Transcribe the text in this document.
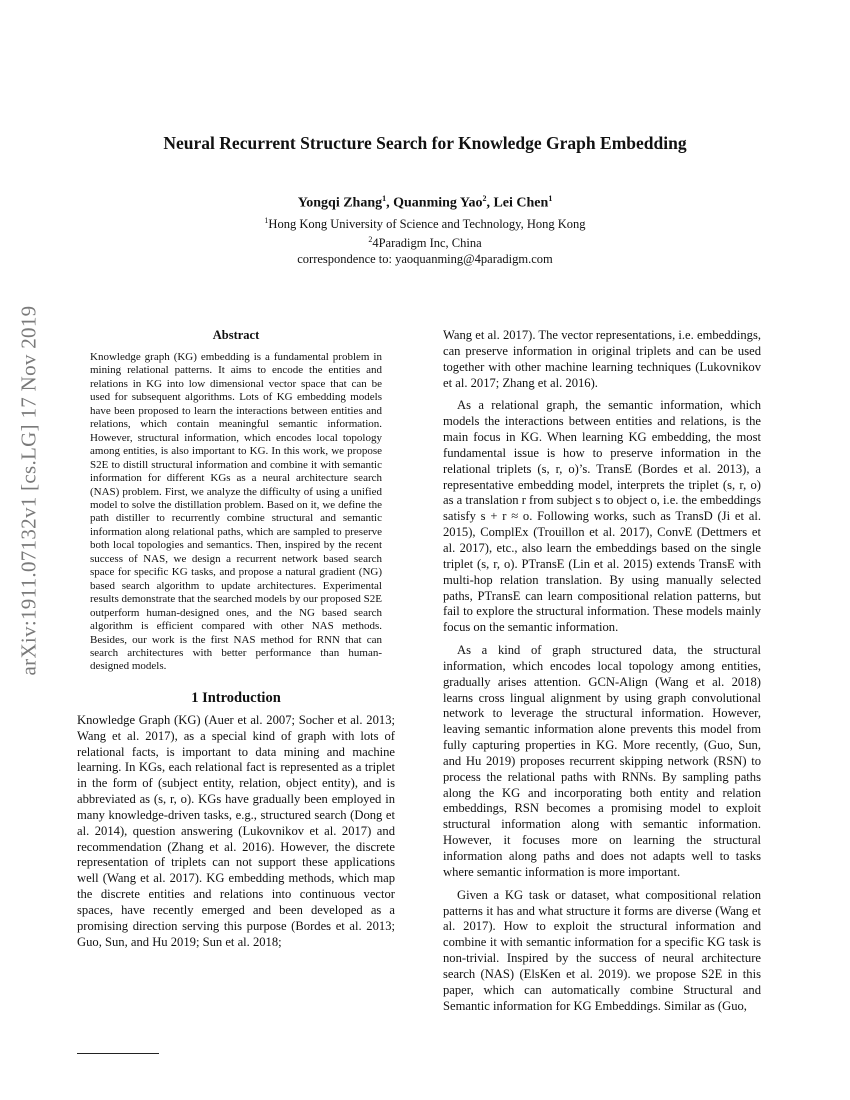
arXiv:1911.07132v1 [cs.LG] 17 Nov 2019
Neural Recurrent Structure Search for Knowledge Graph Embedding
Yongqi Zhang$^1$, Quanming Yao$^2$, Lei Chen$^1$
$^1$Hong Kong University of Science and Technology, Hong Kong
$^2$4Paradigm Inc, China
correspondence to: yaoquanming@4paradigm.com
Abstract

Knowledge graph (KG) embedding is a fundamental problem in mining relational patterns. It aims to encode the entities and relations in KG into low dimensional vector space that can be used for subsequent algorithms. Lots of KG embedding models have been proposed to learn the interactions between entities and relations, which contain meaningful semantic information. However, structural information, which encodes local topology among entities, is also important to KG. In this work, we propose S2E to distill structural information and combine it with semantic information for different KGs as a neural architecture search (NAS) problem. First, we analyze the difficulty of using a unified model to solve the distillation problem. Based on it, we define the path distiller to recurrently combine structural and semantic information along relational paths, which are sampled to preserve both local topologies and semantics. Then, inspired by the recent success of NAS, we design a recurrent network based search space for specific KG tasks, and propose a natural gradient (NG) based search algorithm to update architectures. Experimental results demonstrate that the searched models by our proposed S2E outperform human-designed ones, and the NG based search algorithm is efficient compared with other NAS methods. Besides, our work is the first NAS method for RNN that can search architectures with better performance than human-designed models.

1 Introduction

Knowledge Graph (KG) (Auer et al. 2007; Socher et al. 2013; Wang et al. 2017), as a special kind of graph with lots of relational facts, is important to data mining and machine learning. In KGs, each relational fact is represented as a triplet in the form of (subject entity, relation, object entity), and is abbreviated as (s, r, o). KGs have gradually been employed in many knowledge-driven tasks, e.g., structured search (Dong et al. 2014), question answering (Lukovnikov et al. 2017) and recommendation (Zhang et al. 2016). However, the discrete representation of triplets can not support these applications well (Wang et al. 2017). KG embedding methods, which map the discrete entities and relations into continuous vector spaces, have recently emerged and been developed as a promising direction serving this purpose (Bordes et al. 2013; Guo, Sun, and Hu 2019; Sun et al. 2018;

Wang et al. 2017). The vector representations, i.e. embeddings, can preserve information in original triplets and can be used together with other machine learning techniques (Lukovnikov et al. 2017; Zhang et al. 2016).

As a relational graph, the semantic information, which models the interactions between entities and relations, is the main focus in KG. When learning KG embedding, the most fundamental issue is how to preserve information in the relational triplets (s, r, o)’s. TransE (Bordes et al. 2013), a representative embedding model, interprets the triplet (s, r, o) as a translation r from subject s to object o, i.e. the embeddings satisfy s + r ≈ o. Following works, such as TransD (Ji et al. 2015), ComplEx (Trouillon et al. 2017), ConvE (Dettmers et al. 2017), etc., also learn the embeddings based on the single triplet (s, r, o). PTransE (Lin et al. 2015) extends TransE with multi-hop relation translation. By using manually selected paths, PTransE can learn compositional relation patterns, but fail to explore the structural information. These models mainly focus on the semantic information.

As a kind of graph structured data, the structural information, which encodes local topology among entities, gradually arises attention. GCN-Align (Wang et al. 2018) learns cross lingual alignment by using graph convolutional network to leverage the structural information. However, leaving semantic information alone prevents this model from fully capturing properties in KG. More recently, (Guo, Sun, and Hu 2019) proposes recurrent skipping network (RSN) to process the relational paths with RNNs. By sampling paths along the KG and incorporating both entity and relation embeddings, RSN becomes a promising model to exploit structural information along with semantic information. However, it focuses more on learning the structural information along paths and does not adapts well to tasks where semantic information is more important.

Given a KG task or dataset, what compositional relation patterns it has and what structure it forms are diverse (Wang et al. 2017). How to exploit the structural information and combine it with semantic information for a specific KG task is non-trivial. Inspired by the success of neural architecture search (NAS) (ElsKen et al. 2019). we propose S2E in this paper, which can automatically combine Structural and Semantic information for KG Embeddings. Similar as (Guo,
